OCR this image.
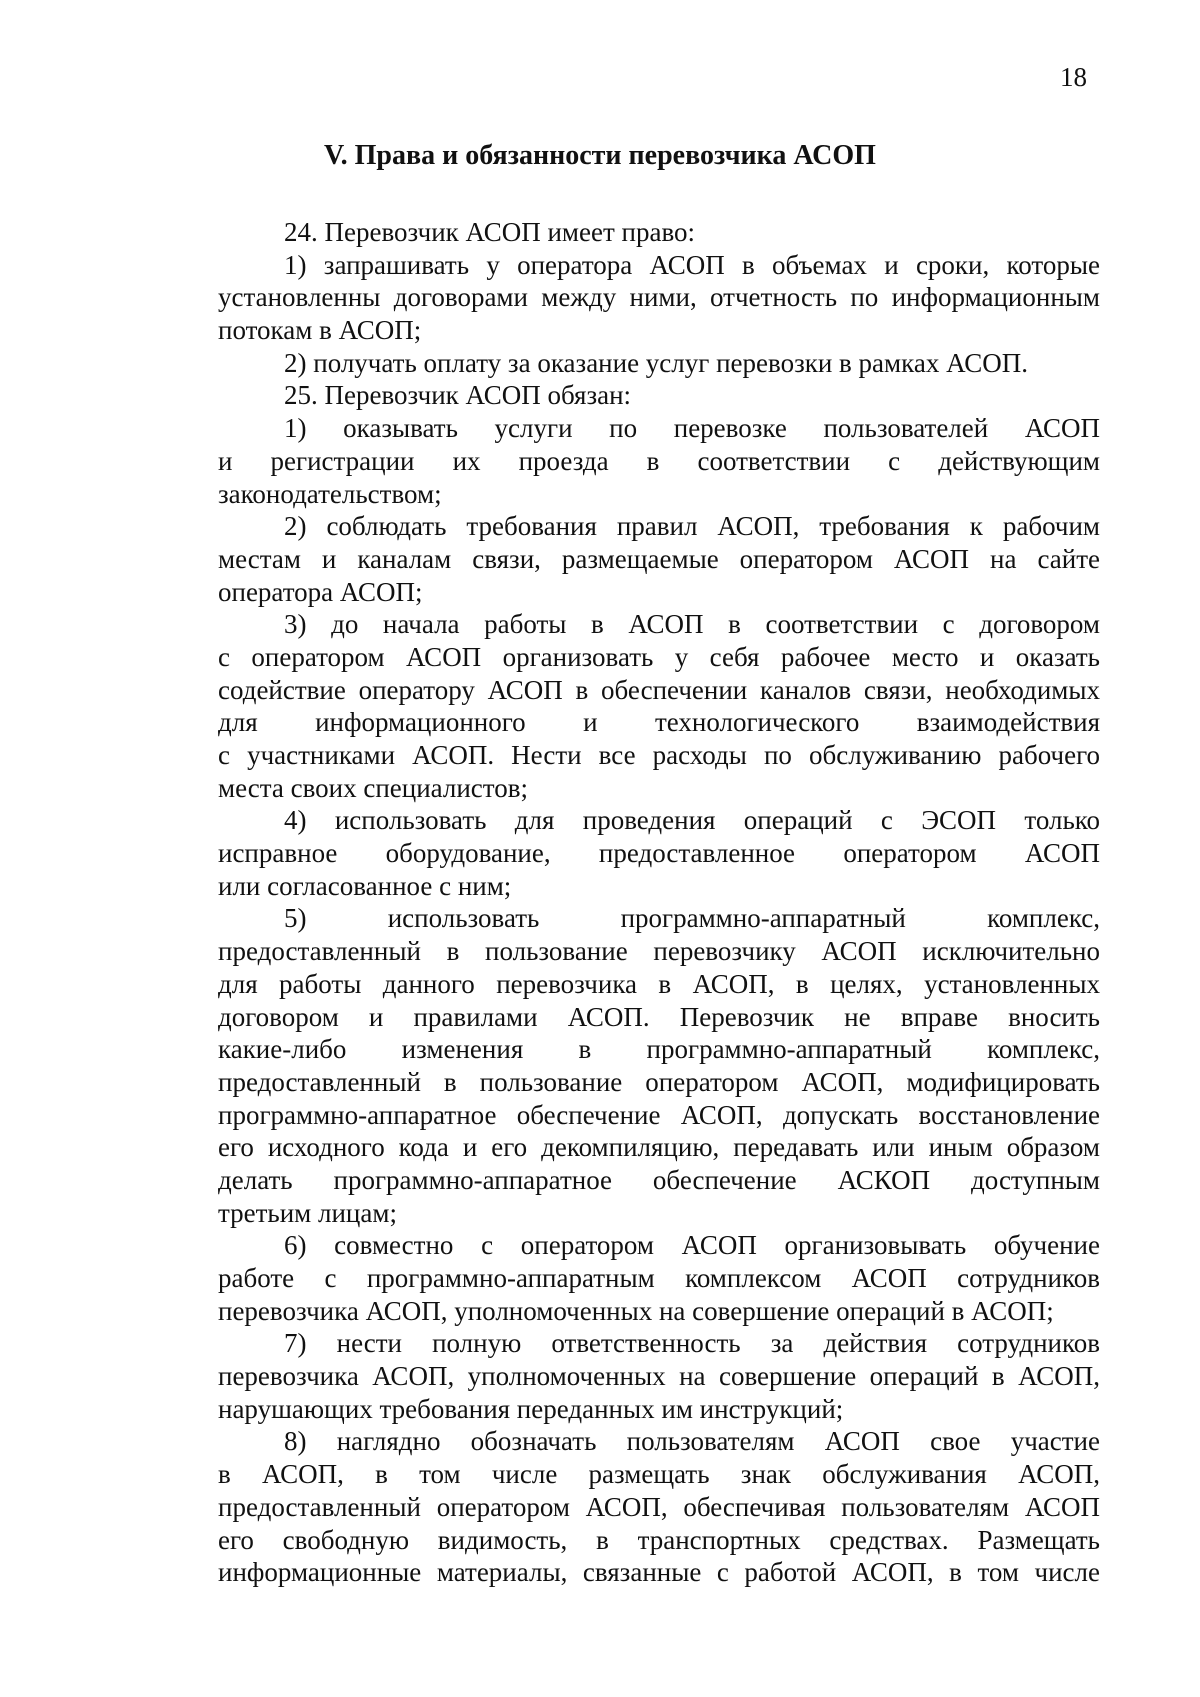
18
V. Права и обязанности перевозчика АСОП
24. Перевозчик АСОП имеет право:
1) запрашивать у оператора АСОП в объемах и сроки, которые
установленны договорами между ними, отчетность по информационным
потокам в АСОП;
2) получать оплату за оказание услуг перевозки в рамках АСОП.
25. Перевозчик АСОП обязан:
1) оказывать услуги по перевозке пользователей АСОП
и регистрации их проезда в соответствии с действующим
законодательством;
2) соблюдать требования правил АСОП, требования к рабочим
местам и каналам связи, размещаемые оператором АСОП на сайте
оператора АСОП;
3) до начала работы в АСОП в соответствии с договором
с оператором АСОП организовать у себя рабочее место и оказать
содействие оператору АСОП в обеспечении каналов связи, необходимых
для информационного и технологического взаимодействия
с участниками АСОП. Нести все расходы по обслуживанию рабочего
места своих специалистов;
4) использовать для проведения операций с ЭСОП только
исправное оборудование, предоставленное оператором АСОП
или согласованное с ним;
5) использовать программно-аппаратный комплекс,
предоставленный в пользование перевозчику АСОП исключительно
для работы данного перевозчика в АСОП, в целях, установленных
договором и правилами АСОП. Перевозчик не вправе вносить
какие-либо изменения в программно-аппаратный комплекс,
предоставленный в пользование оператором АСОП, модифицировать
программно-аппаратное обеспечение АСОП, допускать восстановление
его исходного кода и его декомпиляцию, передавать или иным образом
делать программно-аппаратное обеспечение АСКОП доступным
третьим лицам;
6) совместно с оператором АСОП организовывать обучение
работе с программно-аппаратным комплексом АСОП сотрудников
перевозчика АСОП, уполномоченных на совершение операций в АСОП;
7) нести полную ответственность за действия сотрудников
перевозчика АСОП, уполномоченных на совершение операций в АСОП,
нарушающих требования переданных им инструкций;
8) наглядно обозначать пользователям АСОП свое участие
в АСОП, в том числе размещать знак обслуживания АСОП,
предоставленный оператором АСОП, обеспечивая пользователям АСОП
его свободную видимость, в транспортных средствах. Размещать
информационные материалы, связанные с работой АСОП, в том числе
